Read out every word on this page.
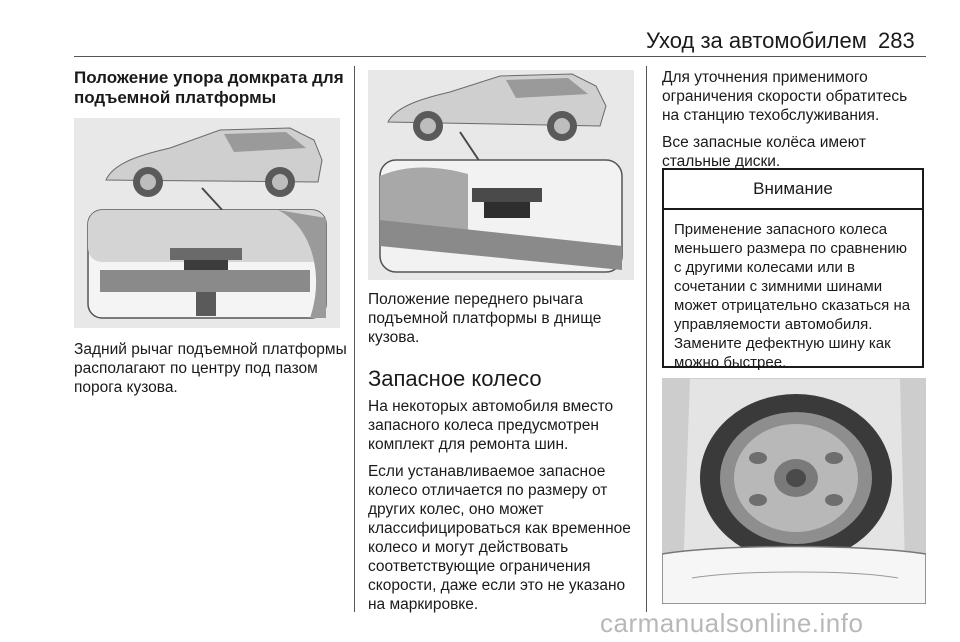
Уход за автомобилем 283
Положение упора домкрата для подъемной платформы
Задний рычаг подъемной платформы располагают по центру под пазом порога кузова.
Положение переднего рычага подъемной платформы в днище кузова.
Запасное колесо

На некоторых автомобиля вместо запасного колеса предусмотрен комплект для ремонта шин.

Если устанавливаемое запасное колесо отличается по размеру от других колес, оно может классифицироваться как временное колесо и могут действовать соответствующие ограничения скорости, даже если это не указано на маркировке.

Для уточнения применимого ограничения скорости обратитесь на станцию техобслуживания.

Все запасные колёса имеют стальные диски.

Внимание
Применение запасного колеса меньшего размера по сравнению с другими колесами или в сочетании с зимними шинами может отрицательно сказаться на управляемости автомобиля. Замените дефектную шину как можно быстрее.
carmanualsonline.info
